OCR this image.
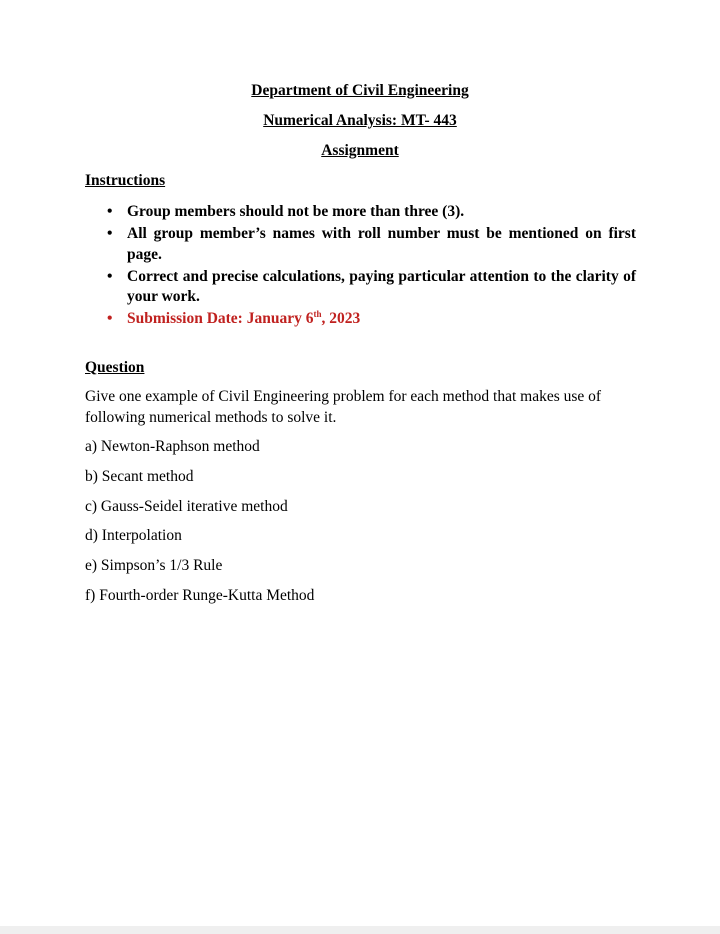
Department of Civil Engineering
Numerical Analysis: MT- 443
Assignment
Instructions
• Group members should not be more than three (3).
• All group member’s names with roll number must be mentioned on first page.
• Correct and precise calculations, paying particular attention to the clarity of your work.
• Submission Date: January 6th, 2023
Question
Give one example of Civil Engineering problem for each method that makes use of following numerical methods to solve it.
a) Newton-Raphson method
b) Secant method
c) Gauss-Seidel iterative method
d) Interpolation
e) Simpson’s 1/3 Rule
f) Fourth-order Runge-Kutta Method
